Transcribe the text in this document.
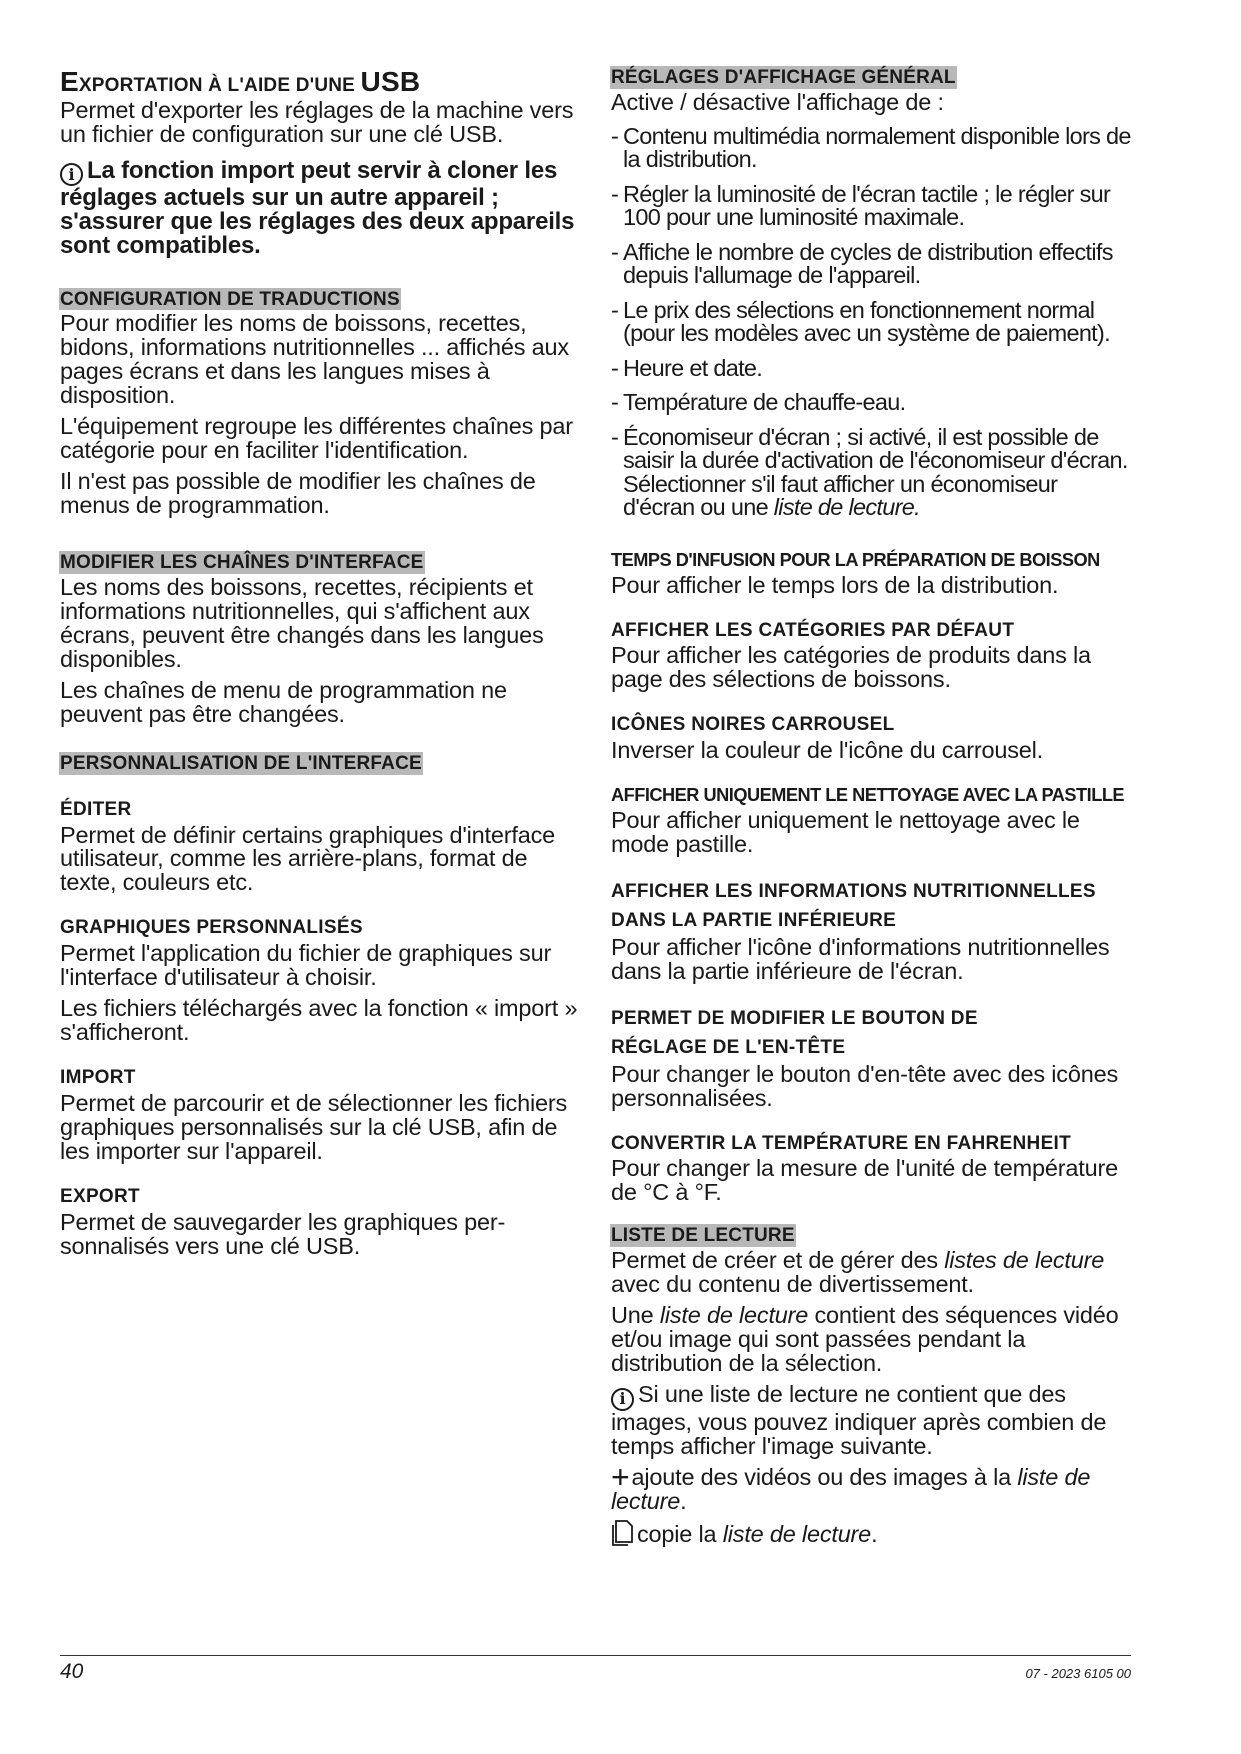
EXPORTATION À L'AIDE D'UNE USB

Permet d'exporter les réglages de la machine vers un fichier de configuration sur une clé USB.

i La fonction import peut servir à cloner les réglages actuels sur un autre appareil ; s'assurer que les réglages des deux appareils sont compatibles.

CONFIGURATION DE TRADUCTIONS

Pour modifier les noms de boissons, recettes, bidons, informations nutritionnelles ... affichés aux pages écrans et dans les langues mises à disposition.

L'équipement regroupe les différentes chaînes par catégorie pour en faciliter l'identification.

Il n'est pas possible de modifier les chaînes de menus de programmation.

MODIFIER LES CHAÎNES D'INTERFACE

Les noms des boissons, recettes, récipients et informations nutritionnelles, qui s'affichent aux écrans, peuvent être changés dans les langues disponibles.

Les chaînes de menu de programmation ne peuvent pas être changées.

PERSONNALISATION DE L'INTERFACE
ÉDITER

Permet de définir certains graphiques d'interface utilisateur, comme les arrière-plans, format de texte, couleurs etc.

GRAPHIQUES PERSONNALISÉS

Permet l'application du fichier de graphiques sur l'interface d'utilisateur à choisir.

Les fichiers téléchargés avec la fonction « import » s'afficheront.

IMPORT

Permet de parcourir et de sélectionner les fichiers graphiques personnalisés sur la clé USB, afin de les importer sur l'appareil.

EXPORT

Permet de sauvegarder les graphiques personnalisés vers une clé USB.

RÉGLAGES D'AFFICHAGE GÉNÉRAL

Active / désactive l'affichage de :

- Contenu multimédia normalement disponible lors de la distribution.
- Régler la luminosité de l'écran tactile ; le régler sur 100 pour une luminosité maximale.
- Affiche le nombre de cycles de distribution effectifs depuis l'allumage de l'appareil.
- Le prix des sélections en fonctionnement normal (pour les modèles avec un système de paiement).
- Heure et date.
- Température de chauffe-eau.
- Économiseur d'écran ; si activé, il est possible de saisir la durée d'activation de l'économiseur d'écran.
Sélectionner s'il faut afficher un économiseur d'écran ou une liste de lecture.
TEMPS D'INFUSION POUR LA PRÉPARATION DE BOISSON

Pour afficher le temps lors de la distribution.

AFFICHER LES CATÉGORIES PAR DÉFAUT

Pour afficher les catégories de produits dans la page des sélections de boissons.

ICÔNES NOIRES CARROUSEL

Inverser la couleur de l'icône du carrousel.

AFFICHER UNIQUEMENT LE NETTOYAGE AVEC LA PASTILLE

Pour afficher uniquement le nettoyage avec le mode pastille.

AFFICHER LES INFORMATIONS NUTRITIONNELLES
DANS LA PARTIE INFÉRIEURE

Pour afficher l'icône d'informations nutritionnelles dans la partie inférieure de l'écran.

PERMET DE MODIFIER LE BOUTON DE
RÉGLAGE DE L'EN-TÊTE

Pour changer le bouton d'en-tête avec des icônes personnalisées.

CONVERTIR LA TEMPÉRATURE EN FAHRENHEIT

Pour changer la mesure de l'unité de température de °C à °F.

LISTE DE LECTURE

Permet de créer et de gérer des listes de lecture avec du contenu de divertissement.

Une liste de lecture contient des séquences vidéo et/ou image qui sont passées pendant la distribution de la sélection.

i Si une liste de lecture ne contient que des images, vous pouvez indiquer après combien de temps afficher l'image suivante.

+ajoute des vidéos ou des images à la liste de lecture.

copie la liste de lecture.

40	07 - 2023 6105 00
